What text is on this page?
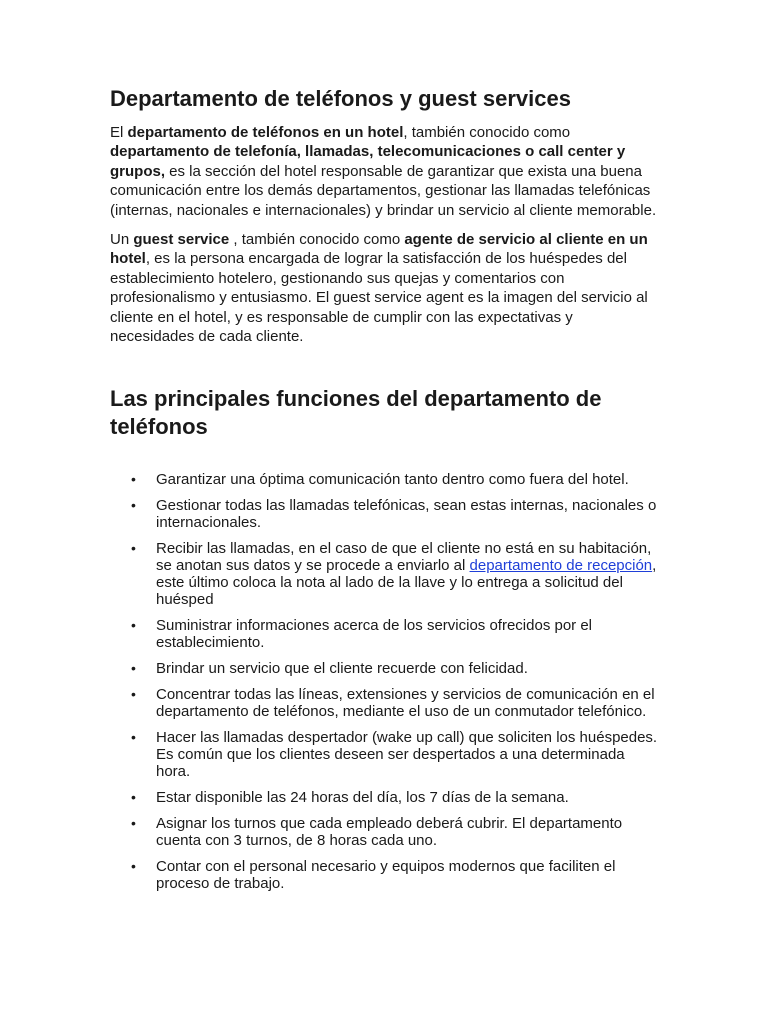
Departamento de teléfonos y guest services

El departamento de teléfonos en un hotel, también conocido como departamento de telefonía, llamadas, telecomunicaciones o call center y grupos, es la sección del hotel responsable de garantizar que exista una buena comunicación entre los demás departamentos, gestionar las llamadas telefónicas (internas, nacionales e internacionales) y brindar un servicio al cliente memorable.

Un guest service , también conocido como agente de servicio al cliente en un hotel, es la persona encargada de lograr la satisfacción de los huéspedes del establecimiento hotelero, gestionando sus quejas y comentarios con profesionalismo y entusiasmo. El guest service agent es la imagen del servicio al cliente en el hotel, y es responsable de cumplir con las expectativas y necesidades de cada cliente.

Las principales funciones del departamento de teléfonos
• Garantizar una óptima comunicación tanto dentro como fuera del hotel.
• Gestionar todas las llamadas telefónicas, sean estas internas, nacionales o internacionales.
• Recibir las llamadas, en el caso de que el cliente no está en su habitación, se anotan sus datos y se procede a enviarlo al departamento de recepción, este último coloca la nota al lado de la llave y lo entrega a solicitud del huésped
• Suministrar informaciones acerca de los servicios ofrecidos por el establecimiento.
• Brindar un servicio que el cliente recuerde con felicidad.
• Concentrar todas las líneas, extensiones y servicios de comunicación en el departamento de teléfonos, mediante el uso de un conmutador telefónico.
• Hacer las llamadas despertador (wake up call) que soliciten los huéspedes. Es común que los clientes deseen ser despertados a una determinada hora.
• Estar disponible las 24 horas del día, los 7 días de la semana.
• Asignar los turnos que cada empleado deberá cubrir. El departamento cuenta con 3 turnos, de 8 horas cada uno.
• Contar con el personal necesario y equipos modernos que faciliten el proceso de trabajo.
